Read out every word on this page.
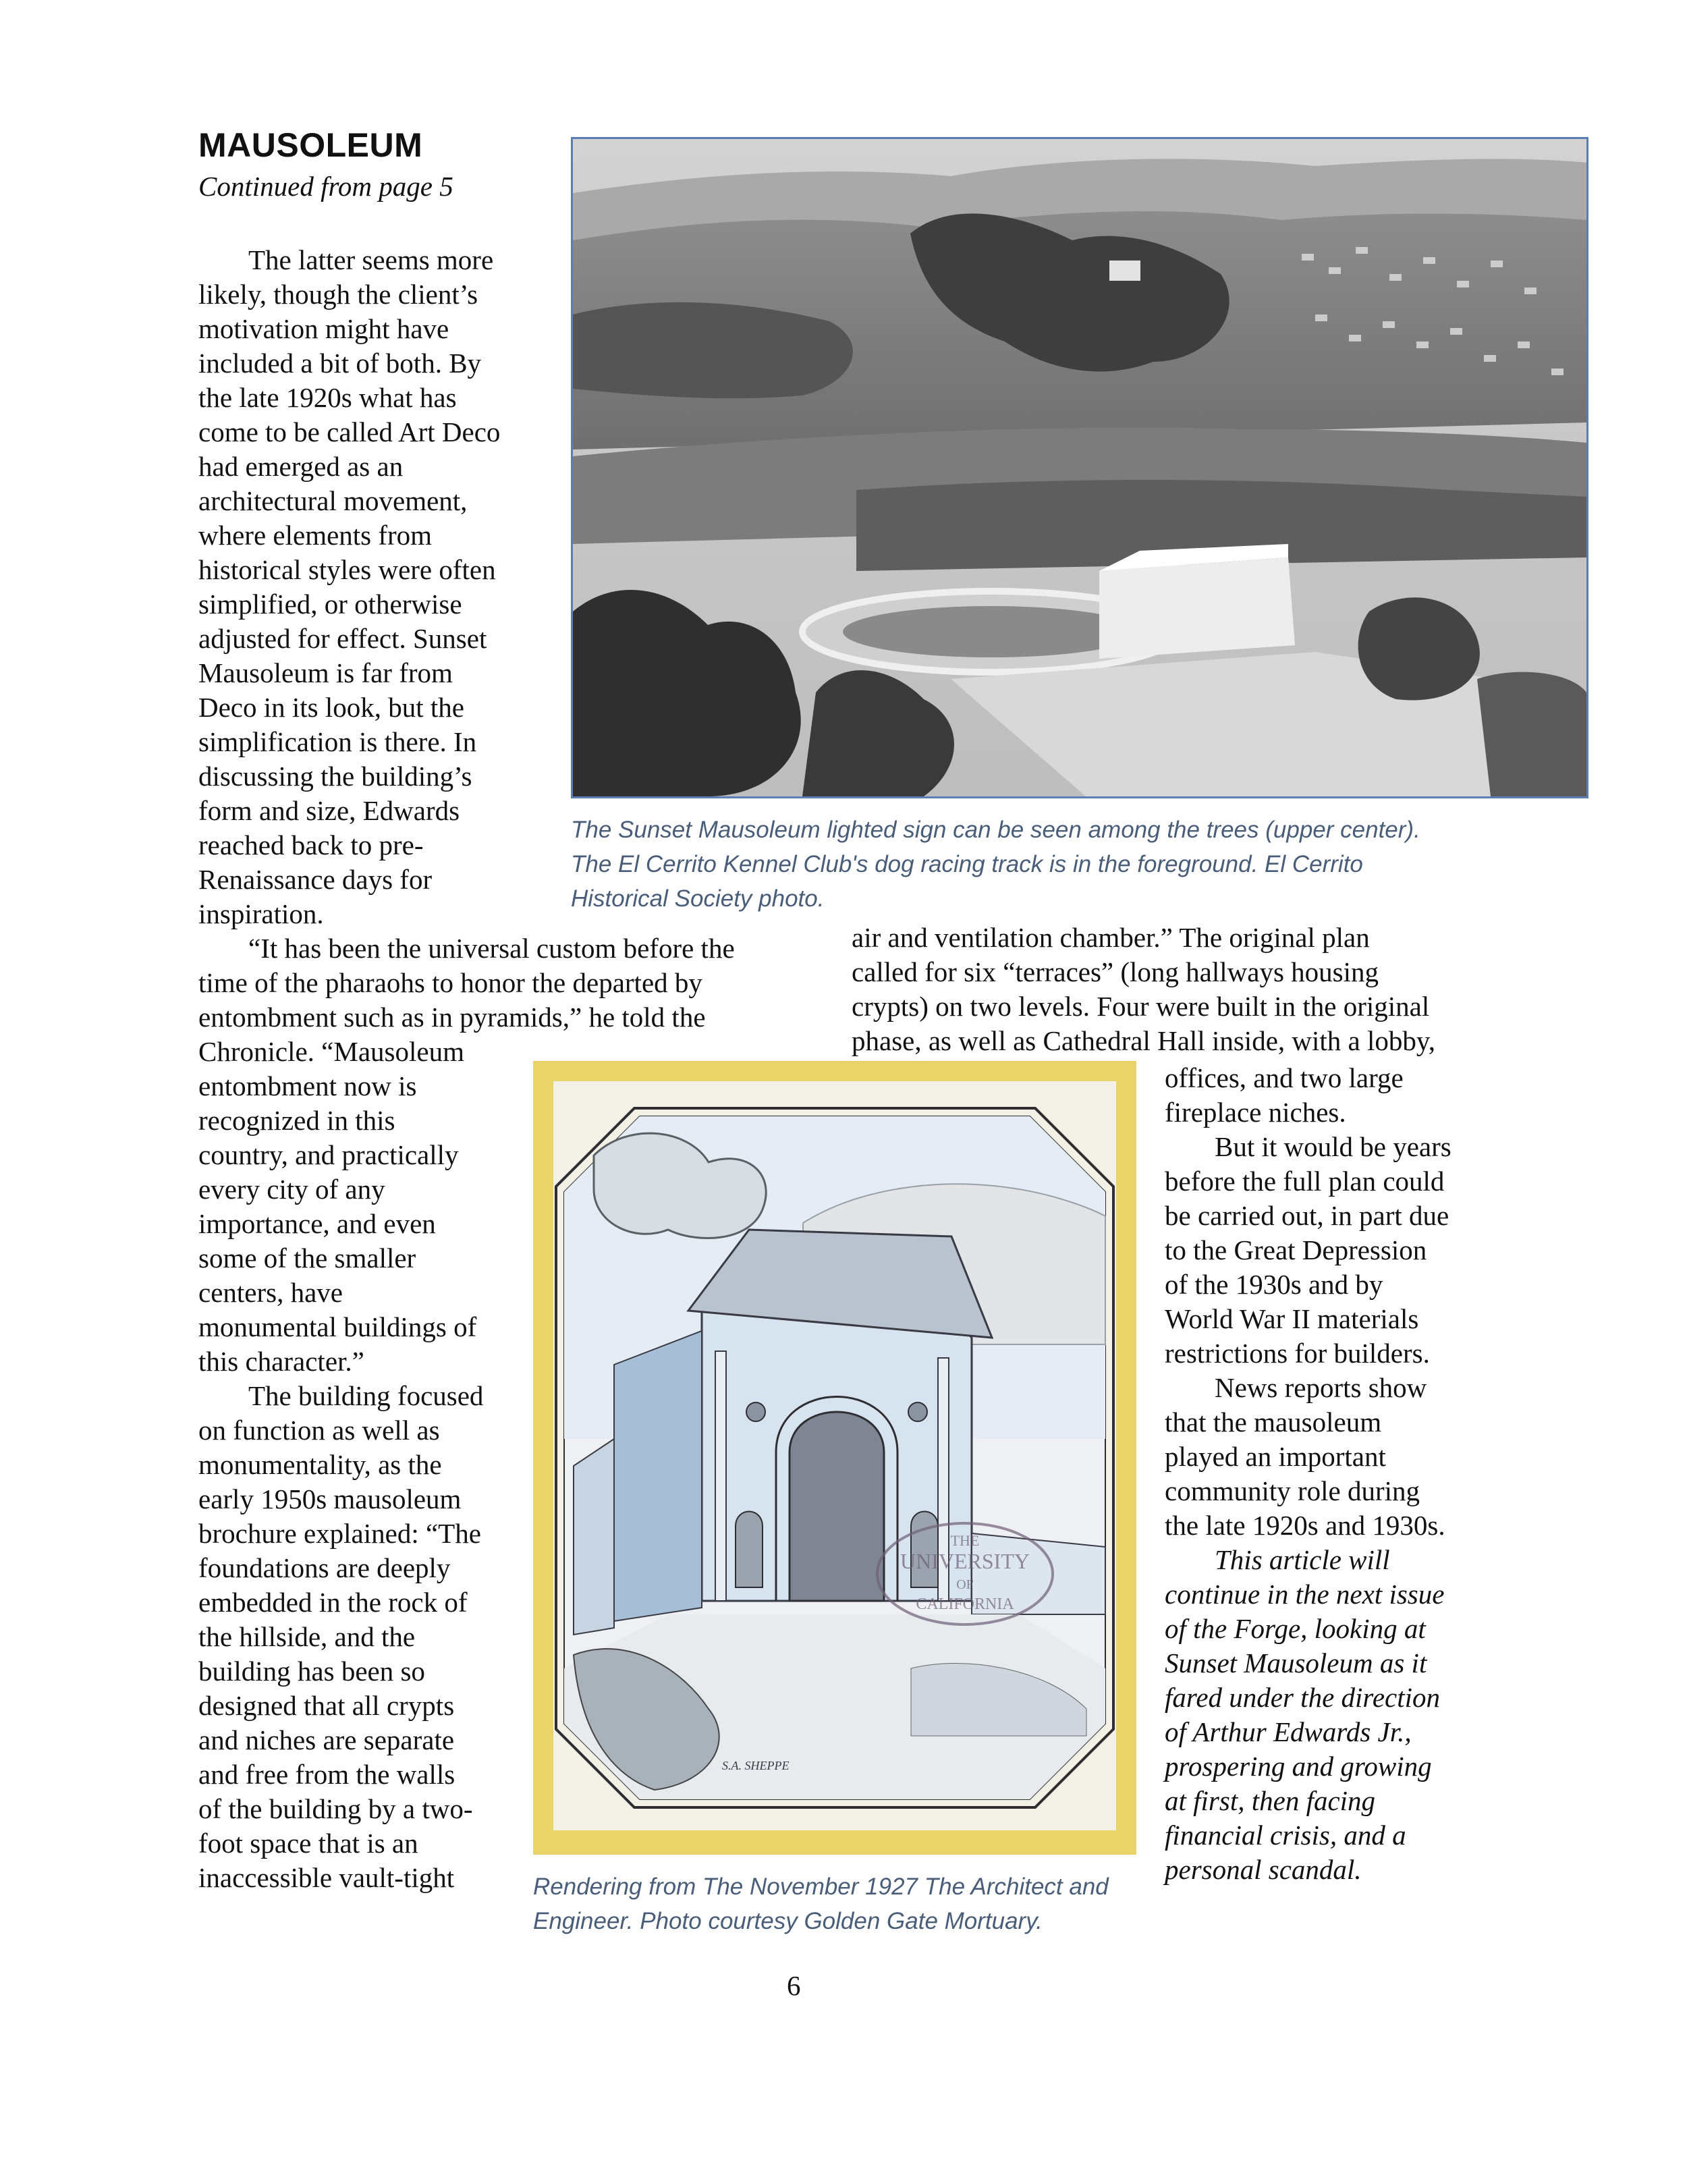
MAUSOLEUM
Continued from page 5
The latter seems more
likely, though the client’s
motivation might have
included a bit of both. By
the late 1920s what has
come to be called Art Deco
had emerged as an
architectural movement,
where elements from
historical styles were often
simplified, or otherwise
adjusted for effect. Sunset
Mausoleum is far from
Deco in its look, but the
simplification is there. In
discussing the building’s
form and size, Edwards
reached back to pre-
Renaissance days for
inspiration.
“It has been the universal custom before the
time of the pharaohs to honor the departed by
entombment such as in pyramids,” he told the
Chronicle. “Mausoleum
entombment now is
recognized in this
country, and practically
every city of any
importance, and even
some of the smaller
centers, have
monumental buildings of
this character.”
The building focused
on function as well as
monumentality, as the
early 1950s mausoleum
brochure explained: “The
foundations are deeply
embedded in the rock of
the hillside, and the
building has been so
designed that all crypts
and niches are separate
and free from the walls
of the building by a two-
foot space that is an
inaccessible vault-tight
air and ventilation chamber.” The original plan
called for six “terraces” (long hallways housing
crypts) on two levels. Four were built in the original
phase, as well as Cathedral Hall inside, with a lobby,
offices, and two large
fireplace niches.
But it would be years
before the full plan could
be carried out, in part due
to the Great Depression
of the 1930s and by
World War II materials
restrictions for builders.
News reports show
that the mausoleum
played an important
community role during
the late 1920s and 1930s.
This article will
continue in the next issue
of the Forge, looking at
Sunset Mausoleum as it
fared under the direction
of Arthur Edwards Jr.,
prospering and growing
at first, then facing
financial crisis, and a
personal scandal.
The Sunset Mausoleum lighted sign can be seen among the trees (upper center).
The El Cerrito Kennel Club's dog racing track is in the foreground. El Cerrito
Historical Society photo.
THE
UNIVERSITY
OF
CALIFORNIA
S.A. SHEPPE
Rendering from The November 1927 The Architect and
Engineer. Photo courtesy Golden Gate Mortuary.
6
